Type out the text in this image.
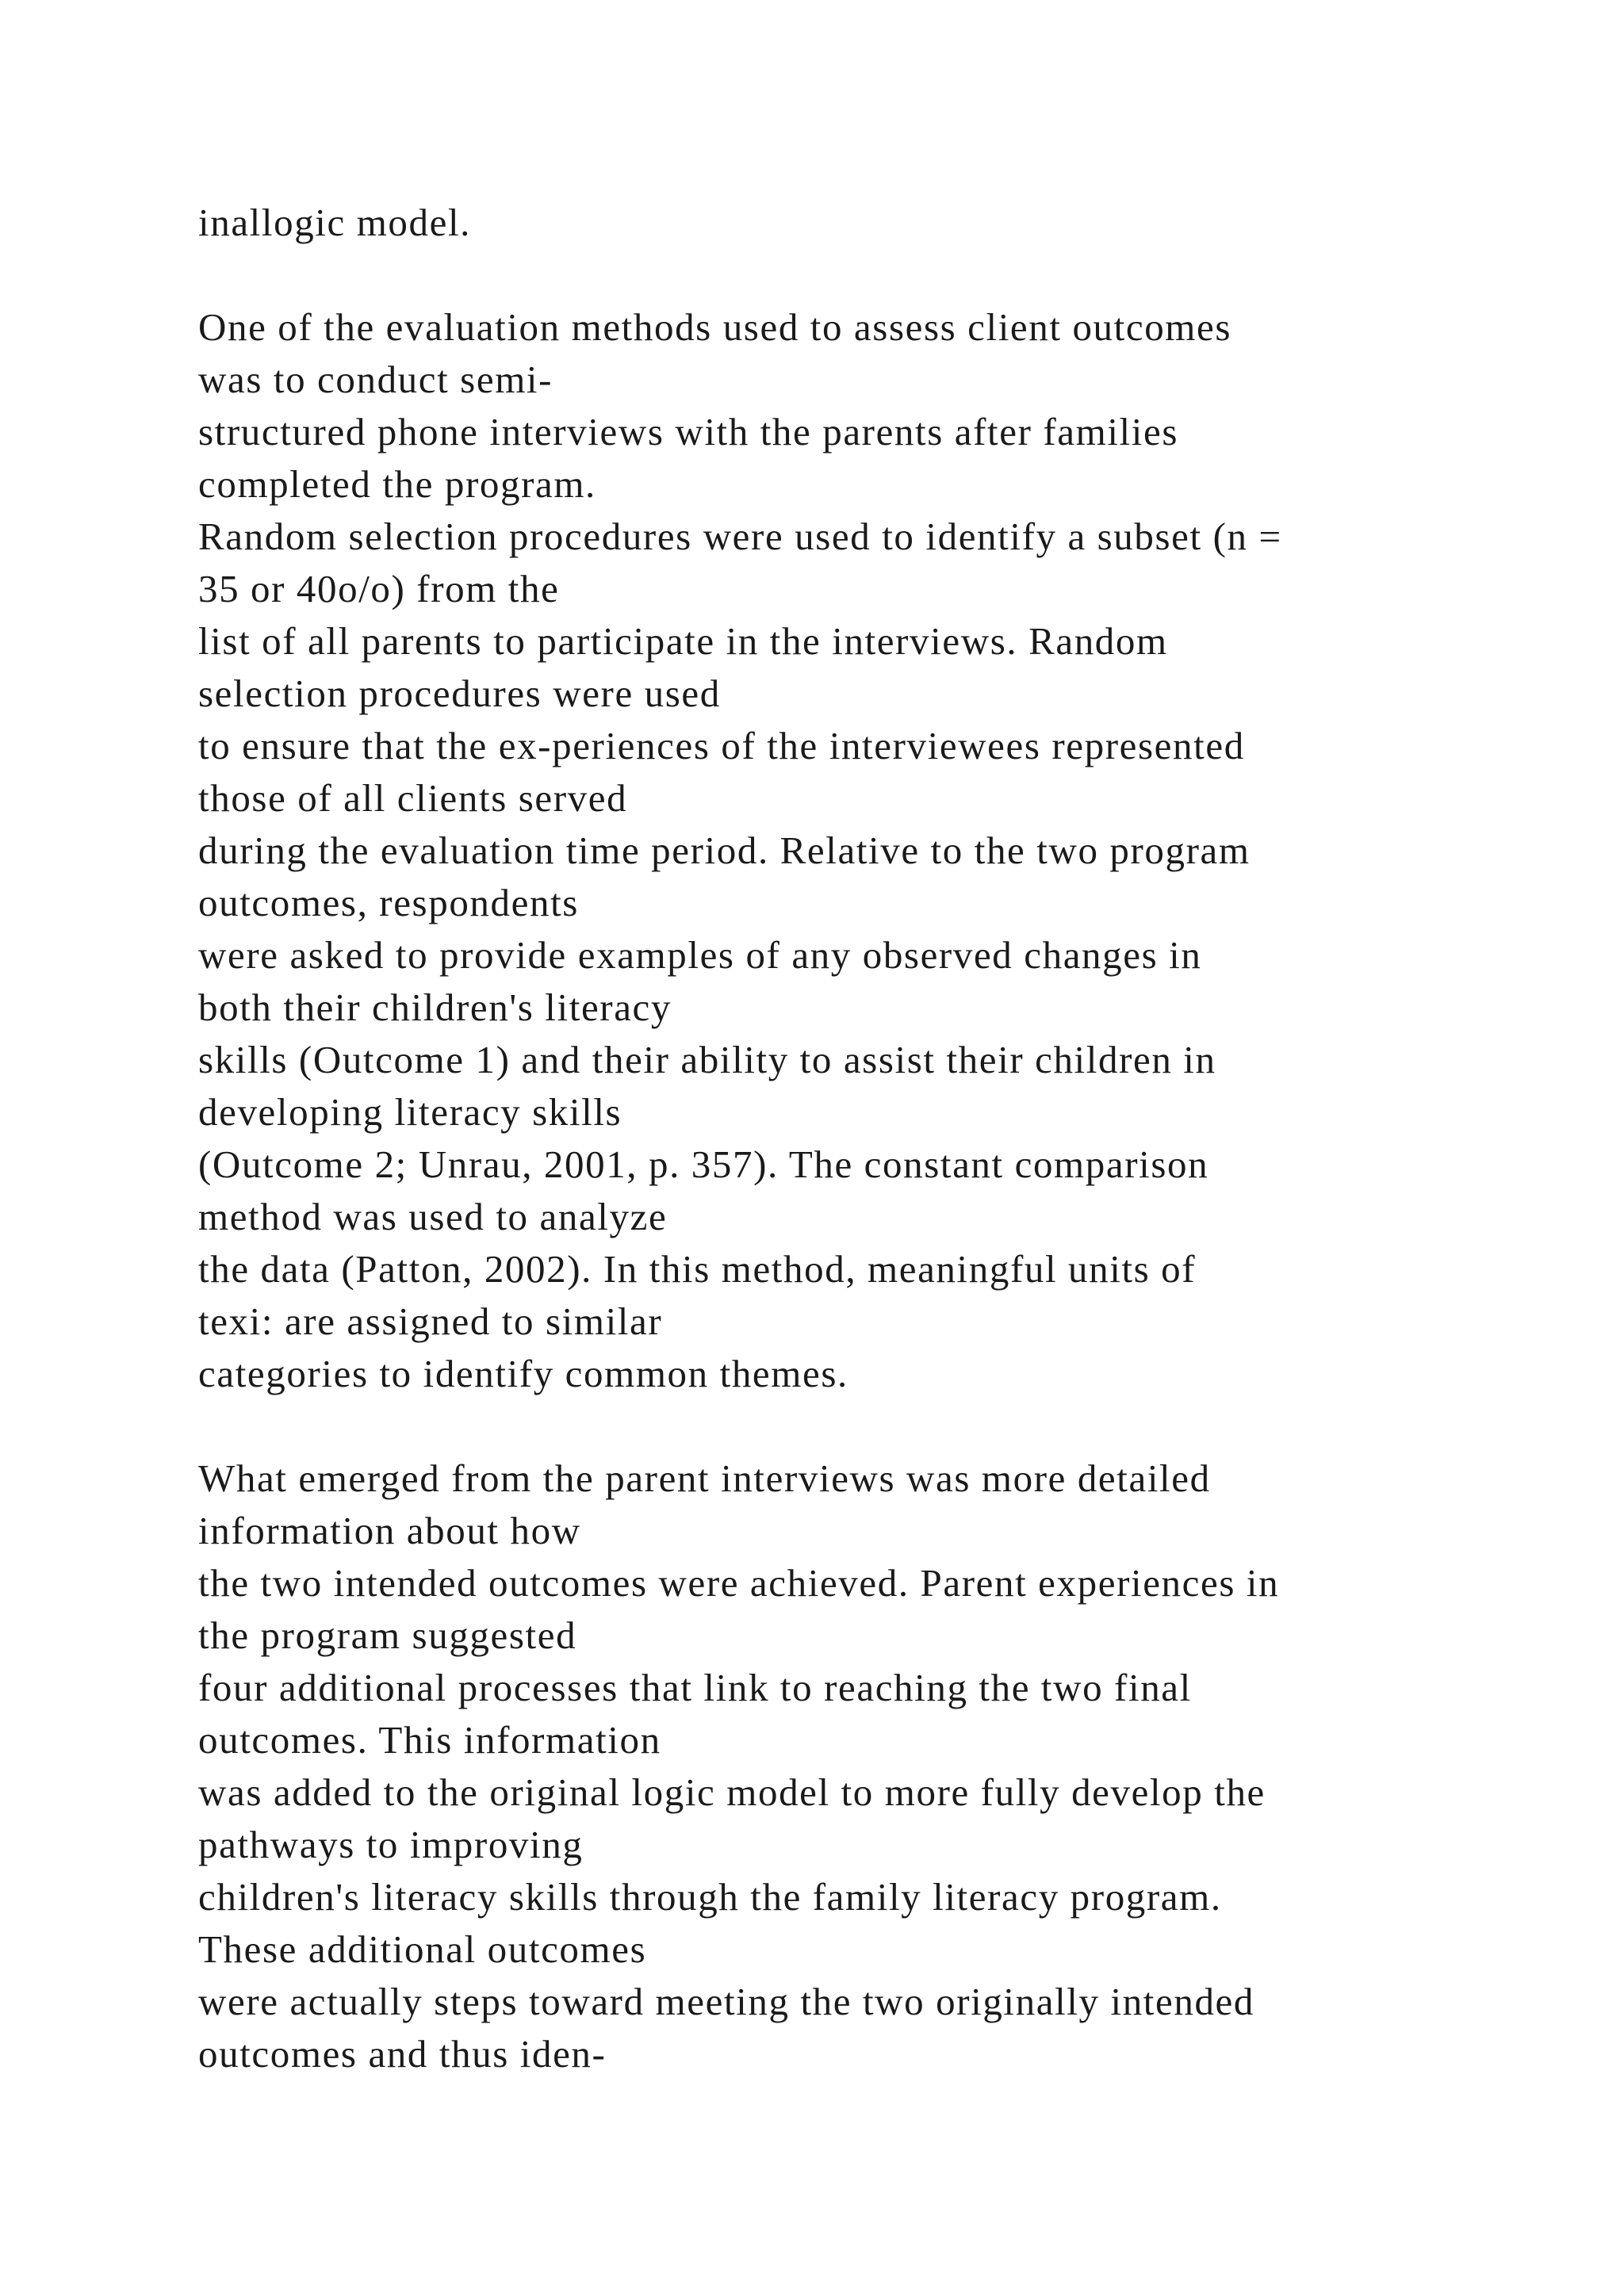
inallogic model.
One of the evaluation methods used to assess client outcomes
was to conduct semi-
structured phone interviews with the parents after families
completed the program.
Random selection procedures were used to identify a subset (n =
35 or 40o/o) from the
list of all parents to participate in the interviews. Random
selection procedures were used
to ensure that the ex-periences of the interviewees represented
those of all clients served
during the evaluation time period. Relative to the two program
outcomes, respondents
were asked to provide examples of any observed changes in
both their children's literacy
skills (Outcome 1) and their ability to assist their children in
developing literacy skills
(Outcome 2; Unrau, 2001, p. 357). The constant comparison
method was used to analyze
the data (Patton, 2002). In this method, meaningful units of
texi: are assigned to similar
categories to identify common themes.
What emerged from the parent interviews was more detailed
information about how
the two intended outcomes were achieved. Parent experiences in
the program suggested
four additional processes that link to reaching the two final
outcomes. This information
was added to the original logic model to more fully develop the
pathways to improving
children's literacy skills through the family literacy program.
These additional outcomes
were actually steps toward meeting the two originally intended
outcomes and thus iden-
